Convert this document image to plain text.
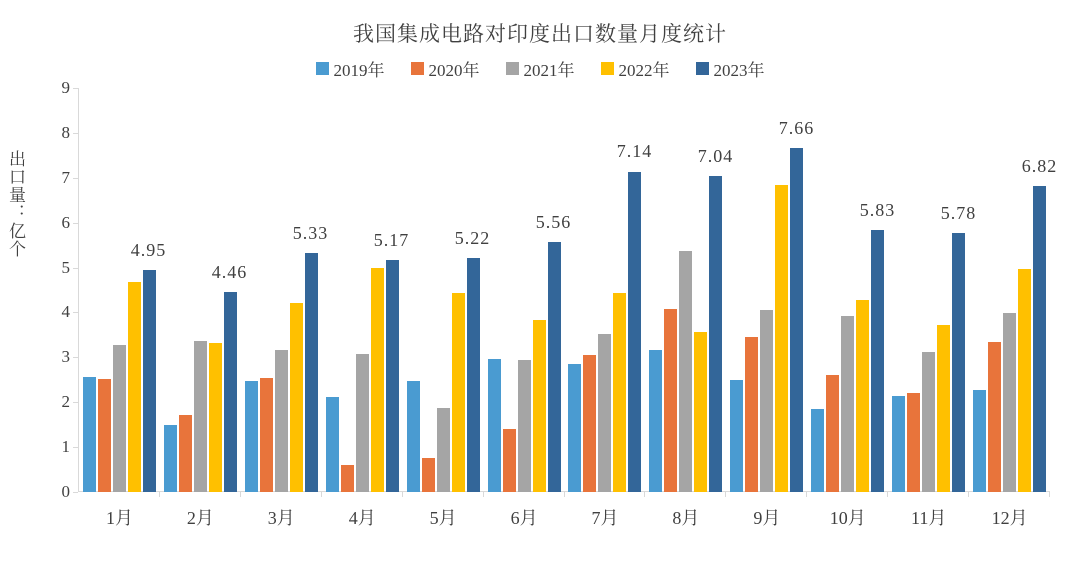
我国集成电路对印度出口数量月度统计
2019年	2020年	2021年	2022年	2023年
出口量：亿个
0
1
2
3
4
5
6
7
8
9
1月	2月	3月	4月	5月	6月	7月	8月	9月	10月	11月	12月
4.95
4.46
5.33	5.17	5.22
5.56
7.14	7.04
7.66
5.83	5.78
6.82
